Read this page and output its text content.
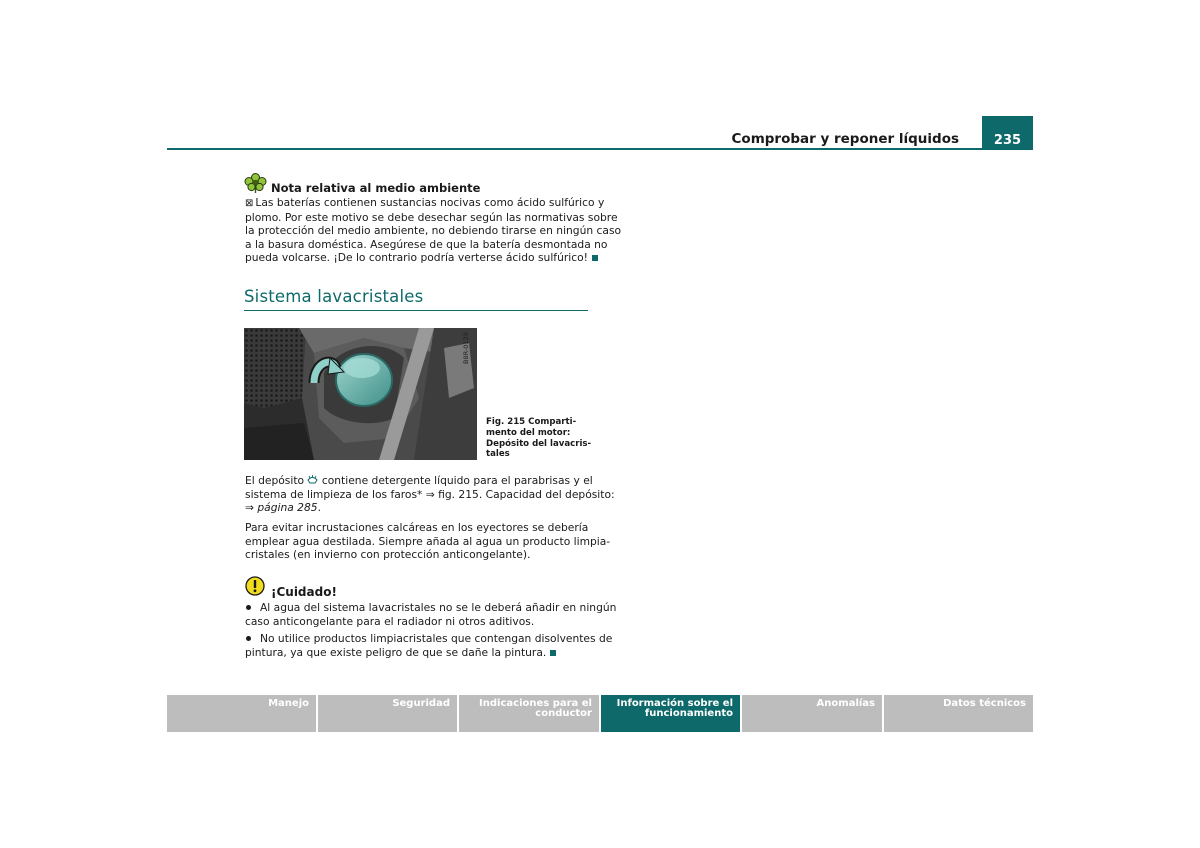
Comprobar y reponer líquidos	235
Nota relativa al medio ambiente
⊠ Las baterías contienen sustancias nocivas como ácido sulfúrico y
plomo. Por este motivo se debe desechar según las normativas sobre
la protección del medio ambiente, no debiendo tirarse en ningún caso
a la basura doméstica. Asegúrese de que la batería desmontada no
pueda volcarse. ¡De lo contrario podría verterse ácido sulfúrico!
Sistema lavacristales
B8R-0129
Fig. 215 Comparti-
mento del motor:
Depósito del lavacris-
tales
El depósito  contiene detergente líquido para el parabrisas y el
sistema de limpieza de los faros* ⇒ fig. 215. Capacidad del depósito:
⇒ página 285.
Para evitar incrustaciones calcáreas en los eyectores se debería
emplear agua destilada. Siempre añada al agua un producto limpia-
cristales (en invierno con protección anticongelante).
¡Cuidado!
Al agua del sistema lavacristales no se le deberá añadir en ningún
caso anticongelante para el radiador ni otros aditivos.
No utilice productos limpiacristales que contengan disolventes de
pintura, ya que existe peligro de que se dañe la pintura.
Manejo	Seguridad	Indicaciones para el
conductor
Información sobre el
funcionamiento
Anomalías	Datos técnicos
